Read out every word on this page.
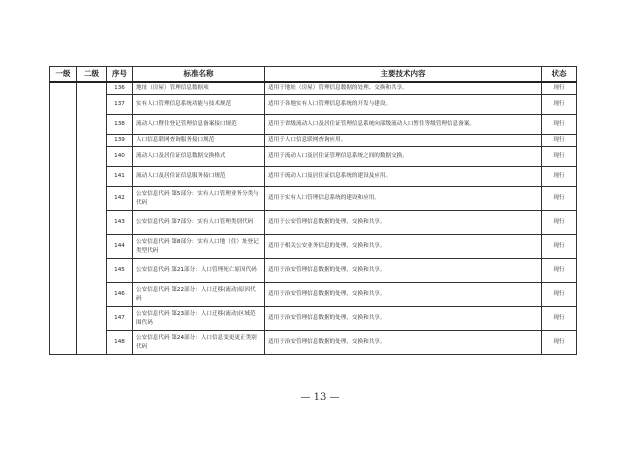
一级	二级	序号	标准名称	主要技术内容	状态
		136	地址（房屋）管理信息数据项	适用于地址（房屋）管理信息数据的处理、交换和共享。	现行
		137	实有人口管理信息系统功能与技术规范	适用于各地实有人口管理信息系统的开发与建设。	现行
		138	流动人口暨住登记管理信息备案接口规范	适用于省级流动人口及居住证管理信息系统向部级流动人口暂住等级管理信息备案。	现行
		139	人口信息联网查询服务接口规范	适用于人口信息联网查询应用。	现行
		140	流动人口及居住证信息数据交换格式	适用于流动人口及居住证管理信息系统之间的数据交换。	现行
		141	流动人口及居住证信息服务接口规范	适用于流动人口及居住证信息系统的建设及应用。	现行
		142	公安信息代码 第5部分：实有人口管理业务分类与代码	适用于实有人口管理信息系统的建设和应用。	现行
		143	公安信息代码 第7部分：实有人口管理类别代码	适用于公安管理信息数据的处理、交换和共享。	现行
		144	公安信息代码 第8部分：实有人口地（住）址登记类型代码	适用于相关公安业务信息的处理、交换和共享。	现行
		145	公安信息代码 第21部分：人口管理死亡原因代码	适用于治安管理信息数据的处理、交换和共享。	现行
		146	公安信息代码 第22部分：人口迁移(流动)原因代码	适用于治安管理信息数据的处理、交换和共享。	现行
		147	公安信息代码 第23部分：人口迁移(流动)区域范围代码	适用于治安管理信息数据的处理、交换和共享。	现行
		148	公安信息代码 第24部分：人口信息变更更正类别代码	适用于治安管理信息数据的处理、交换和共享。	现行
— 13 —
